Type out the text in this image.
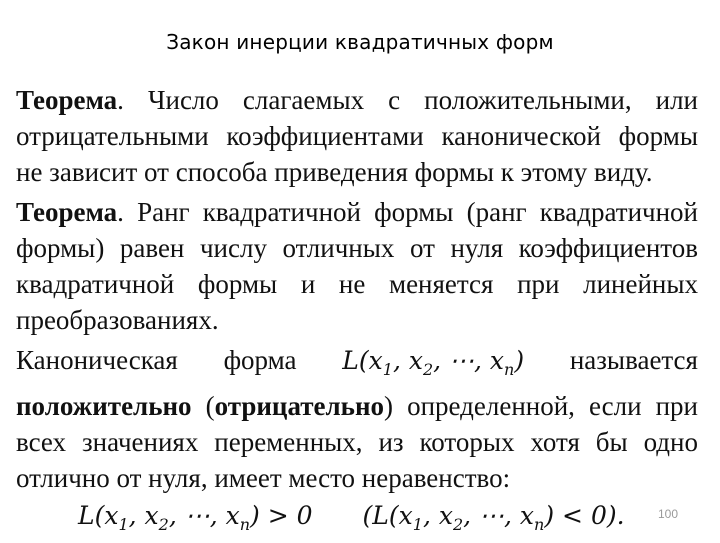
Закон инерции квадратичных форм
Теорема. Число слагаемых с положительными, или отрицательными коэффициентами канонической формы не зависит от способа приведения формы к этому виду.
Теорема. Ранг квадратичной формы (ранг квадратичной формы) равен числу отличных от нуля коэффициентов квадратичной формы и не меняется при линейных преобразованиях.
Каноническая форма $L(x_1$, $x_2$, ⋯, $x_n$) называется
положительно (отрицательно) определенной, если при всех значениях переменных, из которых хотя бы одно отлично от нуля, имеет место неравенство:
$L(x_1$, $x_2$, ⋯, $x_n) > 0$ ($L(x_1$, $x_2$, ⋯, $x_n) < 0$).	100
